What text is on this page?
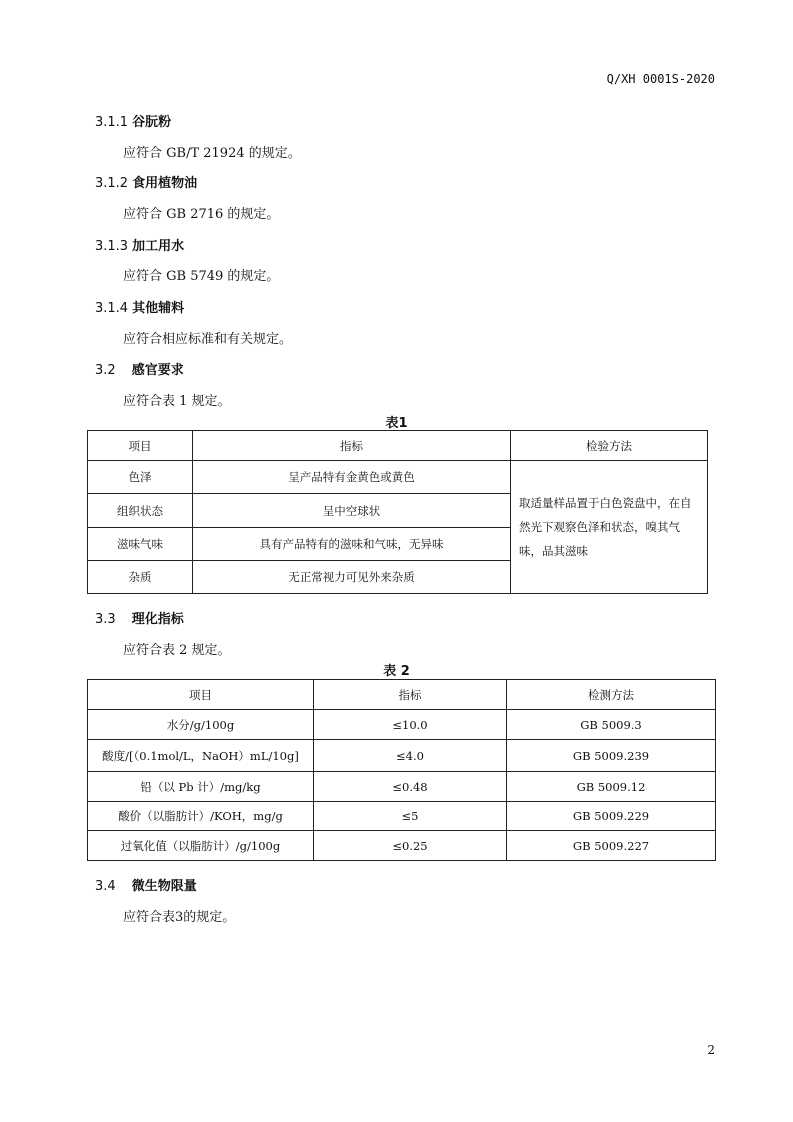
Q/XH 0001S-2020
3.1.1 谷朊粉
应符合 GB/T 21924 的规定。
3.1.2 食用植物油
应符合 GB 2716 的规定。
3.1.3 加工用水
应符合 GB 5749 的规定。
3.1.4 其他辅料
应符合相应标准和有关规定。
3.2 感官要求
应符合表 1 规定。
表1
项目	指标	检验方法
色泽	呈产品特有金黄色或黄色	取适量样品置于白色瓷盘中，在自然光下观察色泽和状态，嗅其气味，品其滋味
组织状态	呈中空球状	
滋味气味	具有产品特有的滋味和气味，无异味	
杂质	无正常视力可见外来杂质	
3.3 理化指标
应符合表 2 规定。
表 2
项目	指标	检测方法
水分/g/100g	≤10.0	GB 5009.3
酸度/[（0.1mol/L，NaOH）mL/10g]	≤4.0	GB 5009.239
铅（以 Pb 计）/mg/kg	≤0.48	GB 5009.12
酸价（以脂肪计）/KOH，mg/g	≤5	GB 5009.229
过氧化值（以脂肪计）/g/100g	≤0.25	GB 5009.227
3.4 微生物限量
应符合表3的规定。
2
